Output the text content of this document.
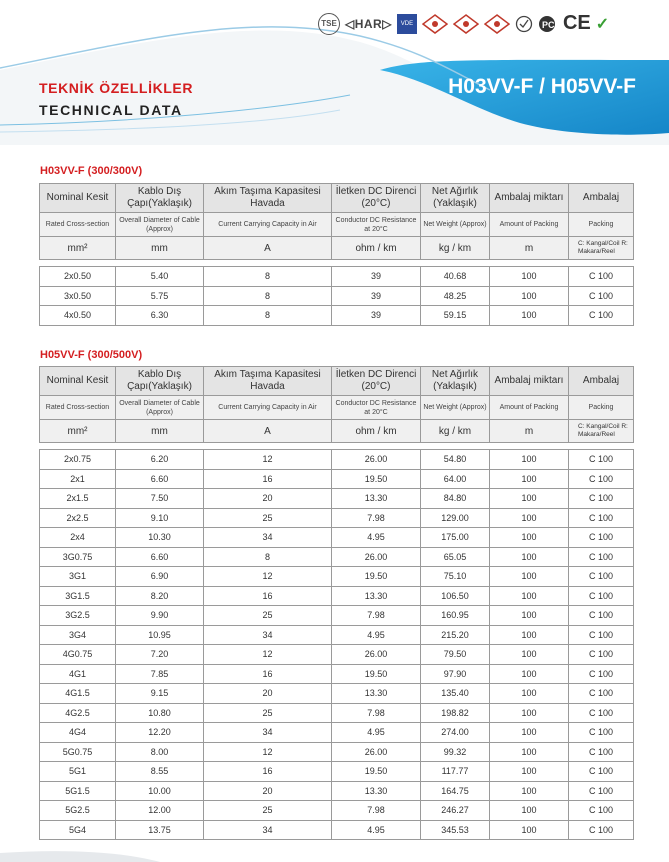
TSE ◁HAR▷	VDE	PC CE ✓
TEKNİK ÖZELLİKLER
TECHNICAL DATA
H03VV-F / H05VV-F
H03VV-F (300/300V)
Nominal Kesit	Kablo Dış Çapı(Yaklaşık)	Akım Taşıma Kapasitesi Havada	İletken DC Direnci (20°C)	Net Ağırlık (Yaklaşık)	Ambalaj miktarı	Ambalaj
Rated Cross-section	Overall Diameter of Cable (Approx)	Current Carrying Capacity in Air	Conductor DC Resistance at 20°C	Net Weight (Approx)	Amount of Packing	Packing
mm²	mm	A	ohm / km	kg / km	m	C: Kangal/Coil R: Makara/Reel

2x0.50	5.40	8	39	40.68	100	C 100
3x0.50	5.75	8	39	48.25	100	C 100
4x0.50	6.30	8	39	59.15	100	C 100
H05VV-F (300/500V)
Nominal Kesit	Kablo Dış Çapı(Yaklaşık)	Akım Taşıma Kapasitesi Havada	İletken DC Direnci (20°C)	Net Ağırlık (Yaklaşık)	Ambalaj miktarı	Ambalaj
Rated Cross-section	Overall Diameter of Cable (Approx)	Current Carrying Capacity in Air	Conductor DC Resistance at 20°C	Net Weight (Approx)	Amount of Packing	Packing
mm²	mm	A	ohm / km	kg / km	m	C: Kangal/Coil R: Makara/Reel

2x0.75	6.20	12	26.00	54.80	100	C 100
2x1	6.60	16	19.50	64.00	100	C 100
2x1.5	7.50	20	13.30	84.80	100	C 100
2x2.5	9.10	25	7.98	129.00	100	C 100
2x4	10.30	34	4.95	175.00	100	C 100
3G0.75	6.60	8	26.00	65.05	100	C 100
3G1	6.90	12	19.50	75.10	100	C 100
3G1.5	8.20	16	13.30	106.50	100	C 100
3G2.5	9.90	25	7.98	160.95	100	C 100
3G4	10.95	34	4.95	215.20	100	C 100
4G0.75	7.20	12	26.00	79.50	100	C 100
4G1	7.85	16	19.50	97.90	100	C 100
4G1.5	9.15	20	13.30	135.40	100	C 100
4G2.5	10.80	25	7.98	198.82	100	C 100
4G4	12.20	34	4.95	274.00	100	C 100
5G0.75	8.00	12	26.00	99.32	100	C 100
5G1	8.55	16	19.50	117.77	100	C 100
5G1.5	10.00	20	13.30	164.75	100	C 100
5G2.5	12.00	25	7.98	246.27	100	C 100
5G4	13.75	34	4.95	345.53	100	C 100
